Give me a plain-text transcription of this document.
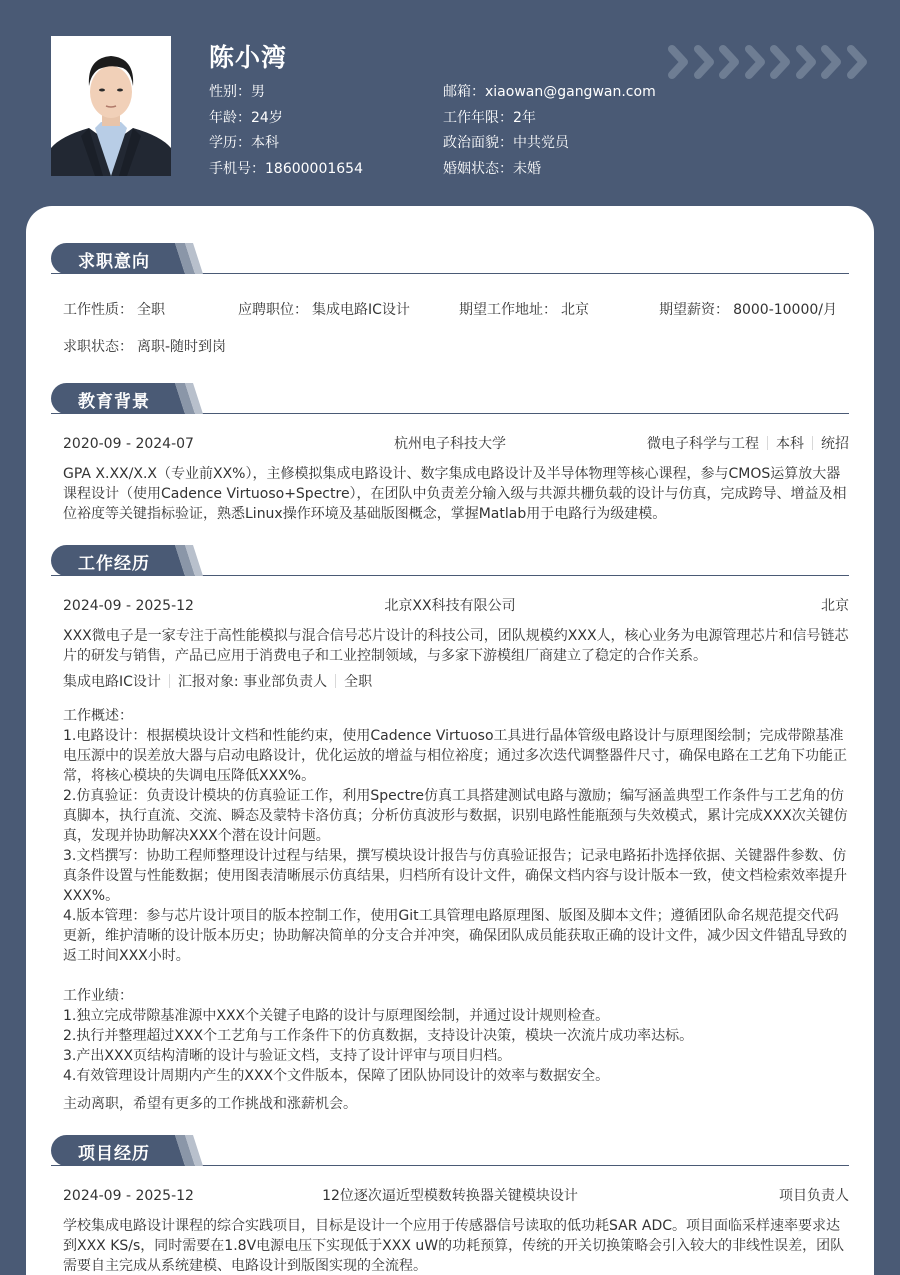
陈小湾
性别：男
年龄：24岁
学历：本科
手机号：18600001654
邮箱：xiaowan@gangwan.com
工作年限：2年
政治面貌：中共党员
婚姻状态：未婚
求职意向
工作性质： 全职	应聘职位： 集成电路IC设计	期望工作地址： 北京	期望薪资： 8000-10000/月
求职状态： 离职-随时到岗
教育背景
2020-09 - 2024-07	杭州电子科技大学	微电子科学与工程 本科 统招
GPA X.XX/X.X（专业前XX%），主修模拟集成电路设计、数字集成电路设计及半导体物理等核心课程，参与CMOS运算放大器课程设计（使用Cadence Virtuoso+Spectre），在团队中负责差分输入级与共源共栅负载的设计与仿真，完成跨导、增益及相位裕度等关键指标验证，熟悉Linux操作环境及基础版图概念，掌握Matlab用于电路行为级建模。
工作经历
2024-09 - 2025-12	北京XX科技有限公司	北京
XXX微电子是一家专注于高性能模拟与混合信号芯片设计的科技公司，团队规模约XXX人，核心业务为电源管理芯片和信号链芯片的研发与销售，产品已应用于消费电子和工业控制领域，与多家下游模组厂商建立了稳定的合作关系。
集成电路IC设计 汇报对象: 事业部负责人 全职
工作概述：
1.电路设计：根据模块设计文档和性能约束，使用Cadence Virtuoso工具进行晶体管级电路设计与原理图绘制；完成带隙基准电压源中的误差放大器与启动电路设计，优化运放的增益与相位裕度；通过多次迭代调整器件尺寸，确保电路在工艺角下功能正常，将核心模块的失调电压降低XXX%。
2.仿真验证：负责设计模块的仿真验证工作，利用Spectre仿真工具搭建测试电路与激励；编写涵盖典型工作条件与工艺角的仿真脚本，执行直流、交流、瞬态及蒙特卡洛仿真；分析仿真波形与数据，识别电路性能瓶颈与失效模式，累计完成XXX次关键仿真，发现并协助解决XXX个潜在设计问题。
3.文档撰写：协助工程师整理设计过程与结果，撰写模块设计报告与仿真验证报告；记录电路拓扑选择依据、关键器件参数、仿真条件设置与性能数据；使用图表清晰展示仿真结果，归档所有设计文件，确保文档内容与设计版本一致，使文档检索效率提升XXX%。
4.版本管理：参与芯片设计项目的版本控制工作，使用Git工具管理电路原理图、版图及脚本文件；遵循团队命名规范提交代码更新，维护清晰的设计版本历史；协助解决简单的分支合并冲突，确保团队成员能获取正确的设计文件，减少因文件错乱导致的返工时间XXX小时。
工作业绩：
1.独立完成带隙基准源中XXX个关键子电路的设计与原理图绘制，并通过设计规则检查。
2.执行并整理超过XXX个工艺角与工作条件下的仿真数据，支持设计决策，模块一次流片成功率达标。
3.产出XXX页结构清晰的设计与验证文档，支持了设计评审与项目归档。
4.有效管理设计周期内产生的XXX个文件版本，保障了团队协同设计的效率与数据安全。
主动离职，希望有更多的工作挑战和涨薪机会。
项目经历
2024-09 - 2025-12	12位逐次逼近型模数转换器关键模块设计	项目负责人
学校集成电路设计课程的综合实践项目，目标是设计一个应用于传感器信号读取的低功耗SAR ADC。项目面临采样速率要求达到XXX KS/s，同时需要在1.8V电源电压下实现低于XXX uW的功耗预算，传统的开关切换策略会引入较大的非线性误差，团队需要自主完成从系统建模、电路设计到版图实现的全流程。
